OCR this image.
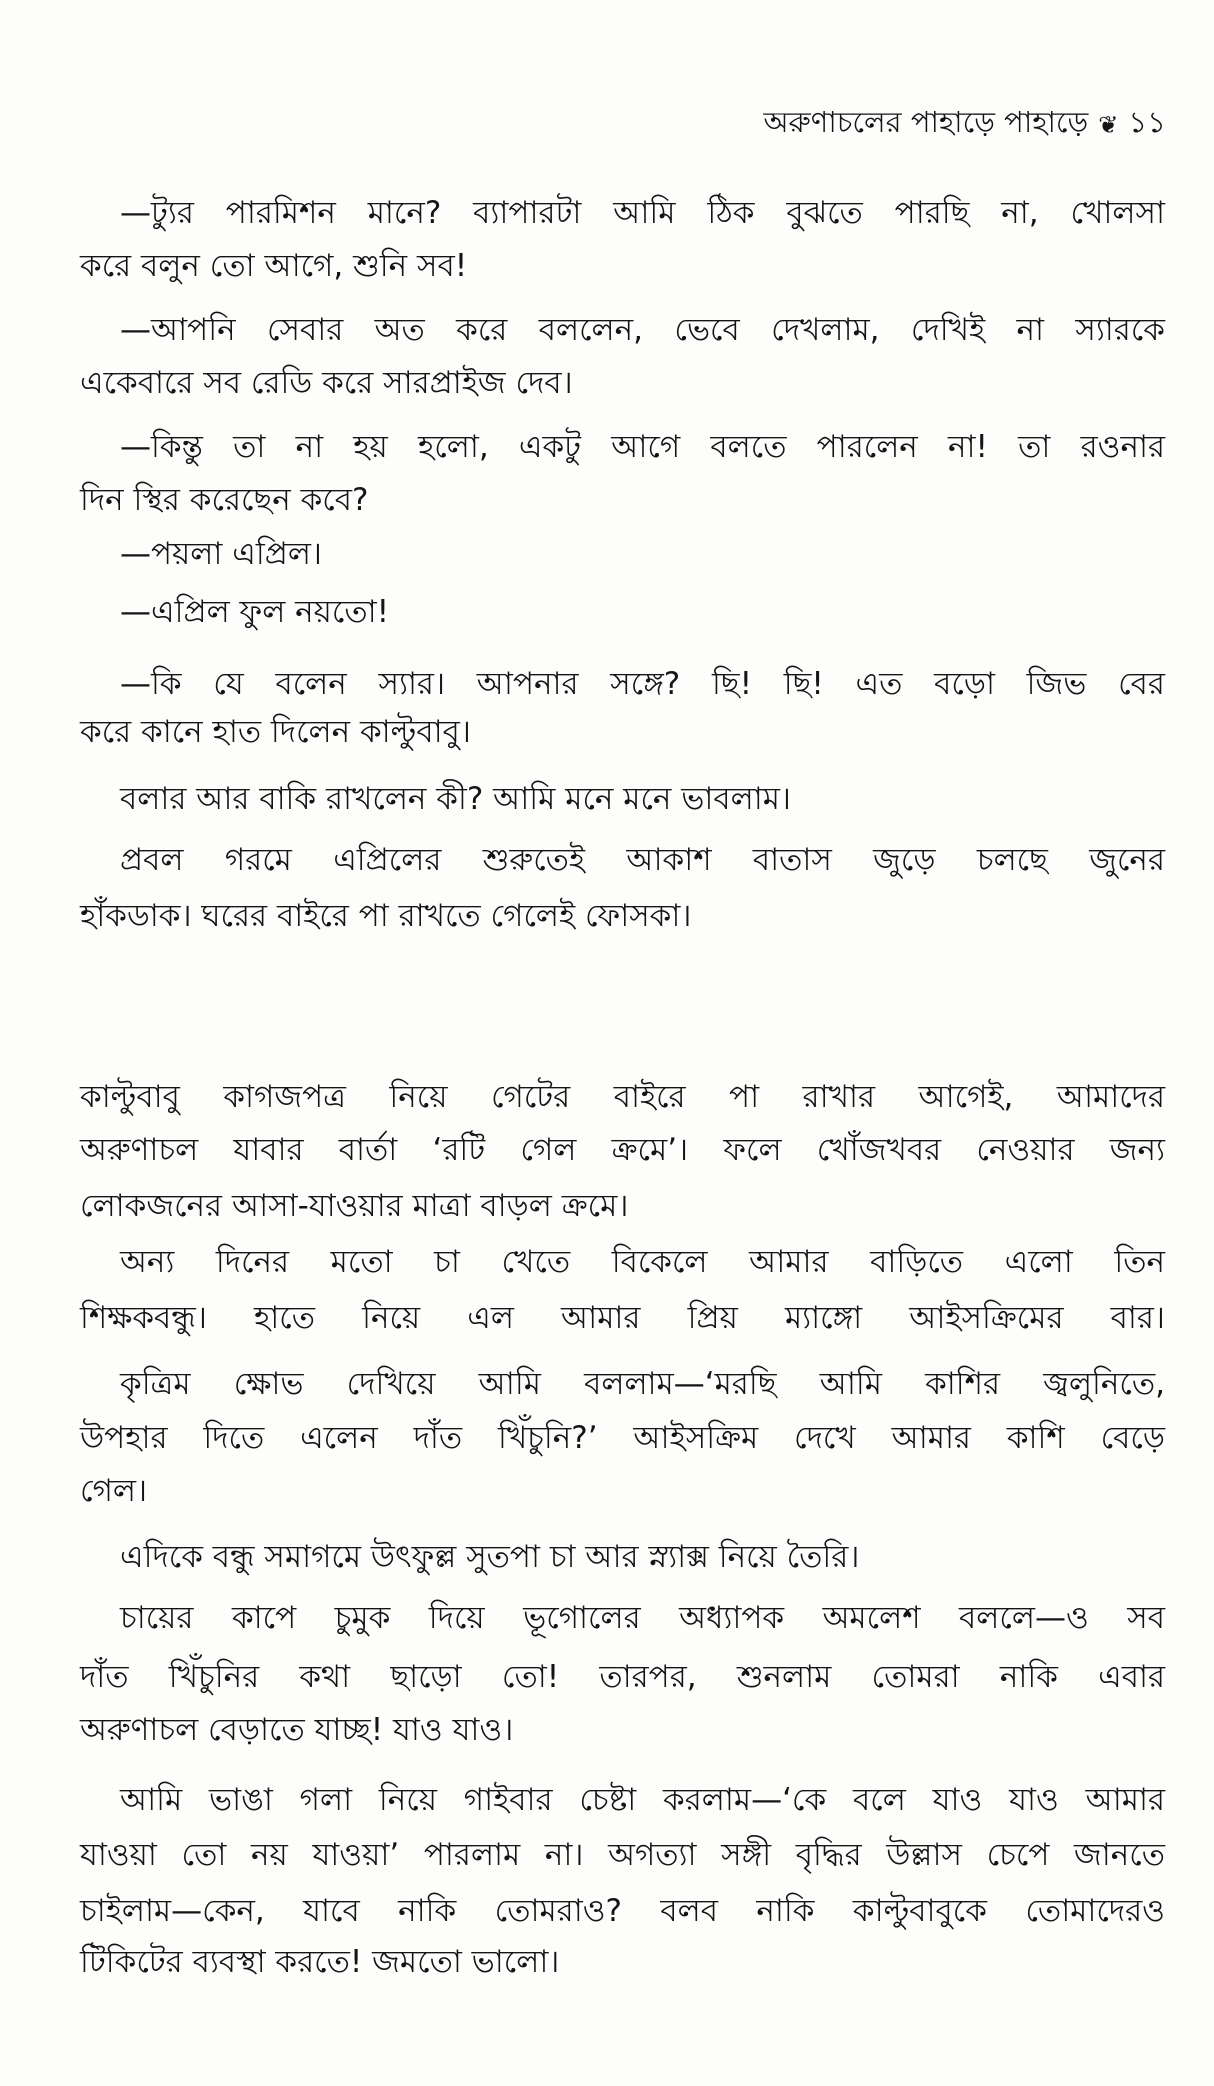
অরুণাচলের পাহাড়ে পাহাড়ে ❦ ১১
—ট্যুর পারমিশন মানে? ব্যাপারটা আমি ঠিক বুঝতে পারছি না, খোলসা
করে বলুন তো আগে, শুনি সব!
—আপনি সেবার অত করে বললেন, ভেবে দেখলাম, দেখিই না স্যারকে
একেবারে সব রেডি করে সারপ্রাইজ দেব।
—কিন্তু তা না হয় হলো, একটু আগে বলতে পারলেন না! তা রওনার
দিন স্থির করেছেন কবে?
—পয়লা এপ্রিল।
—এপ্রিল ফুল নয়তো!
—কি যে বলেন স্যার। আপনার সঙ্গে? ছি! ছি! এত বড়ো জিভ বের
করে কানে হাত দিলেন কাল্টুবাবু।
বলার আর বাকি রাখলেন কী? আমি মনে মনে ভাবলাম।
প্রবল গরমে এপ্রিলের শুরুতেই আকাশ বাতাস জুড়ে চলছে জুনের
হাঁকডাক। ঘরের বাইরে পা রাখতে গেলেই ফোসকা।
কাল্টুবাবু কাগজপত্র নিয়ে গেটের বাইরে পা রাখার আগেই, আমাদের
অরুণাচল যাবার বার্তা ‘রটি গেল ক্রমে’। ফলে খোঁজখবর নেওয়ার জন্য
লোকজনের আসা-যাওয়ার মাত্রা বাড়ল ক্রমে।
অন্য দিনের মতো চা খেতে বিকেলে আমার বাড়িতে এলো তিন
শিক্ষকবন্ধু। হাতে নিয়ে এল আমার প্রিয় ম্যাঙ্গো আইসক্রিমের বার।
কৃত্রিম ক্ষোভ দেখিয়ে আমি বললাম—‘মরছি আমি কাশির জ্বলুনিতে,
উপহার দিতে এলেন দাঁত খিঁচুনি?’ আইসক্রিম দেখে আমার কাশি বেড়ে
গেল।
এদিকে বন্ধু সমাগমে উৎফুল্ল সুতপা চা আর স্ন্যাক্স নিয়ে তৈরি।
চায়ের কাপে চুমুক দিয়ে ভূগোলের অধ্যাপক অমলেশ বললে—ও সব
দাঁত খিঁচুনির কথা ছাড়ো তো! তারপর, শুনলাম তোমরা নাকি এবার
অরুণাচল বেড়াতে যাচ্ছ! যাও যাও।
আমি ভাঙা গলা নিয়ে গাইবার চেষ্টা করলাম—‘কে বলে যাও যাও আমার
যাওয়া তো নয় যাওয়া’ পারলাম না। অগত্যা সঙ্গী বৃদ্ধির উল্লাস চেপে জানতে
চাইলাম—কেন, যাবে নাকি তোমরাও? বলব নাকি কাল্টুবাবুকে তোমাদেরও
টিকিটের ব্যবস্থা করতে! জমতো ভালো।
